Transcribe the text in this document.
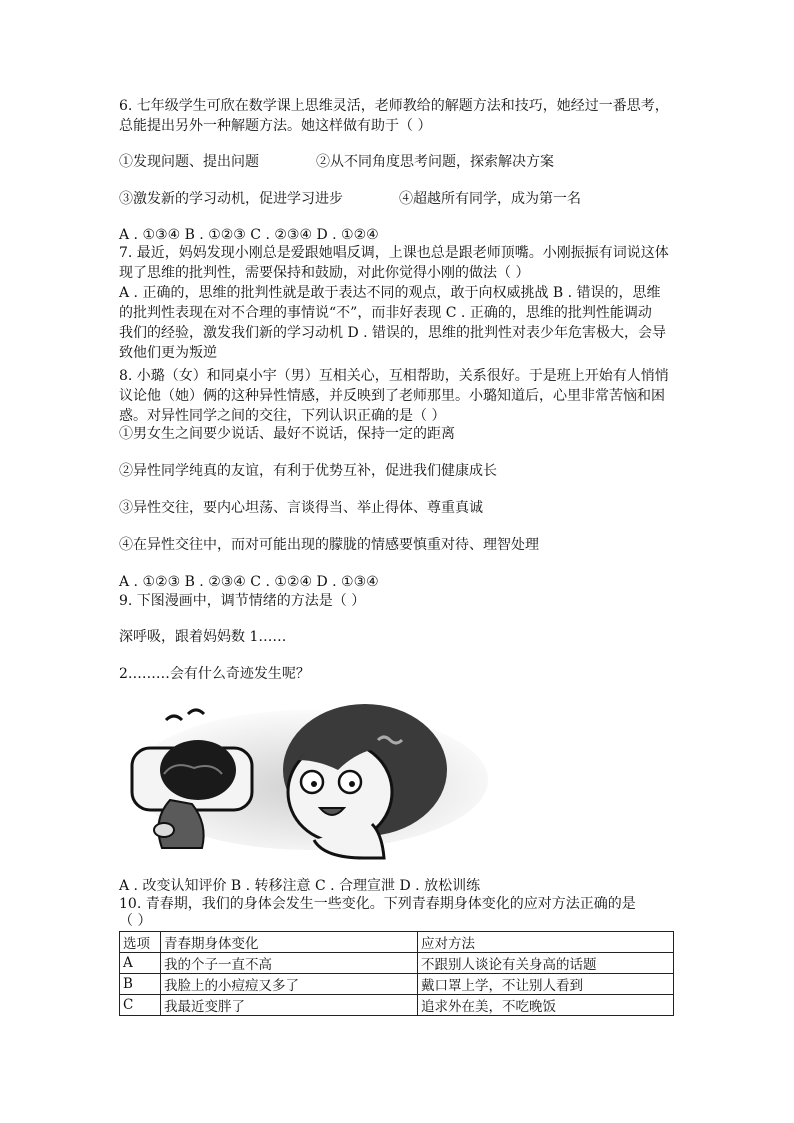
6. 七年级学生可欣在数学课上思维灵活，老师教给的解题方法和技巧，她经过一番思考，
总能提出另外一种解题方法。她这样做有助于（ ）
①发现问题、提出问题	②从不同角度思考问题，探索解决方案
③激发新的学习动机，促进学习进步	④超越所有同学，成为第一名
A . ①③④ B . ①②③ C . ②③④ D . ①②④
7. 最近，妈妈发现小刚总是爱跟她唱反调，上课也总是跟老师顶嘴。小刚振振有词说这体
现了思维的批判性，需要保持和鼓励，对此你觉得小刚的做法（ ）
A . 正确的，思维的批判性就是敢于表达不同的观点，敢于向权威挑战 B . 错误的，思维
的批判性表现在对不合理的事情说“不”，而非好表现 C . 正确的，思维的批判性能调动
我们的经验，激发我们新的学习动机 D . 错误的，思维的批判性对表少年危害极大，会导
致他们更为叛逆
8. 小璐（女）和同桌小宇（男）互相关心，互相帮助，关系很好。于是班上开始有人悄悄
议论他（她）俩的这种异性情感，并反映到了老师那里。小璐知道后，心里非常苦恼和困
惑。对异性同学之间的交往，下列认识正确的是（ ）
①男女生之间要少说话、最好不说话，保持一定的距离
②异性同学纯真的友谊，有利于优势互补，促进我们健康成长
③异性交往，要内心坦荡、言谈得当、举止得体、尊重真诚
④在异性交往中，而对可能出现的朦胧的情感要慎重对待、理智处理
A . ①②③ B . ②③④ C . ①②④ D . ①③④
9. 下图漫画中，调节情绪的方法是（ ）
深呼吸，跟着妈妈数 1……
2………会有什么奇迹发生呢？
A . 改变认知评价 B . 转移注意 C . 合理宣泄 D . 放松训练
10. 青春期，我们的身体会发生一些变化。下列青春期身体变化的应对方法正确的是
（ ）
选项	青春期身体变化	应对方法
A	我的个子一直不高	不跟别人谈论有关身高的话题
B	我脸上的小痘痘又多了	戴口罩上学，不让别人看到
C	我最近变胖了	追求外在美，不吃晚饭
